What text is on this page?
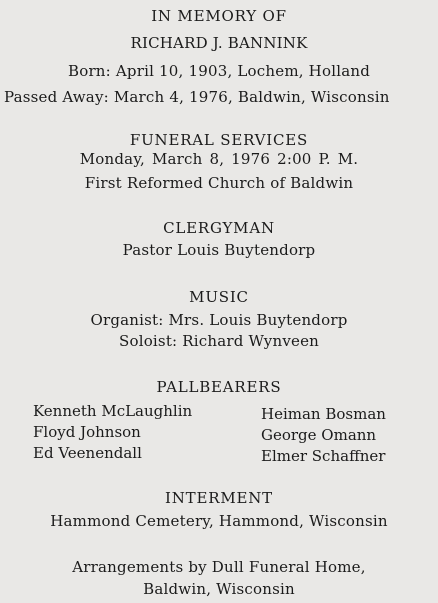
IN MEMORY OF
RICHARD J. BANNINK
Born: April 10, 1903, Lochem, Holland
Passed Away: March 4, 1976, Baldwin, Wisconsin
FUNERAL SERVICES
Monday, March 8, 1976 2:00 P. M.
First Reformed Church of Baldwin
CLERGYMAN
Pastor Louis Buytendorp
MUSIC
Organist: Mrs. Louis Buytendorp
Soloist: Richard Wynveen
PALLBEARERS
Kenneth McLaughlin
Floyd Johnson
Ed Veenendall
Heiman Bosman
George Omann
Elmer Schaffner
INTERMENT
Hammond Cemetery, Hammond, Wisconsin
Arrangements by Dull Funeral Home,
Baldwin, Wisconsin
